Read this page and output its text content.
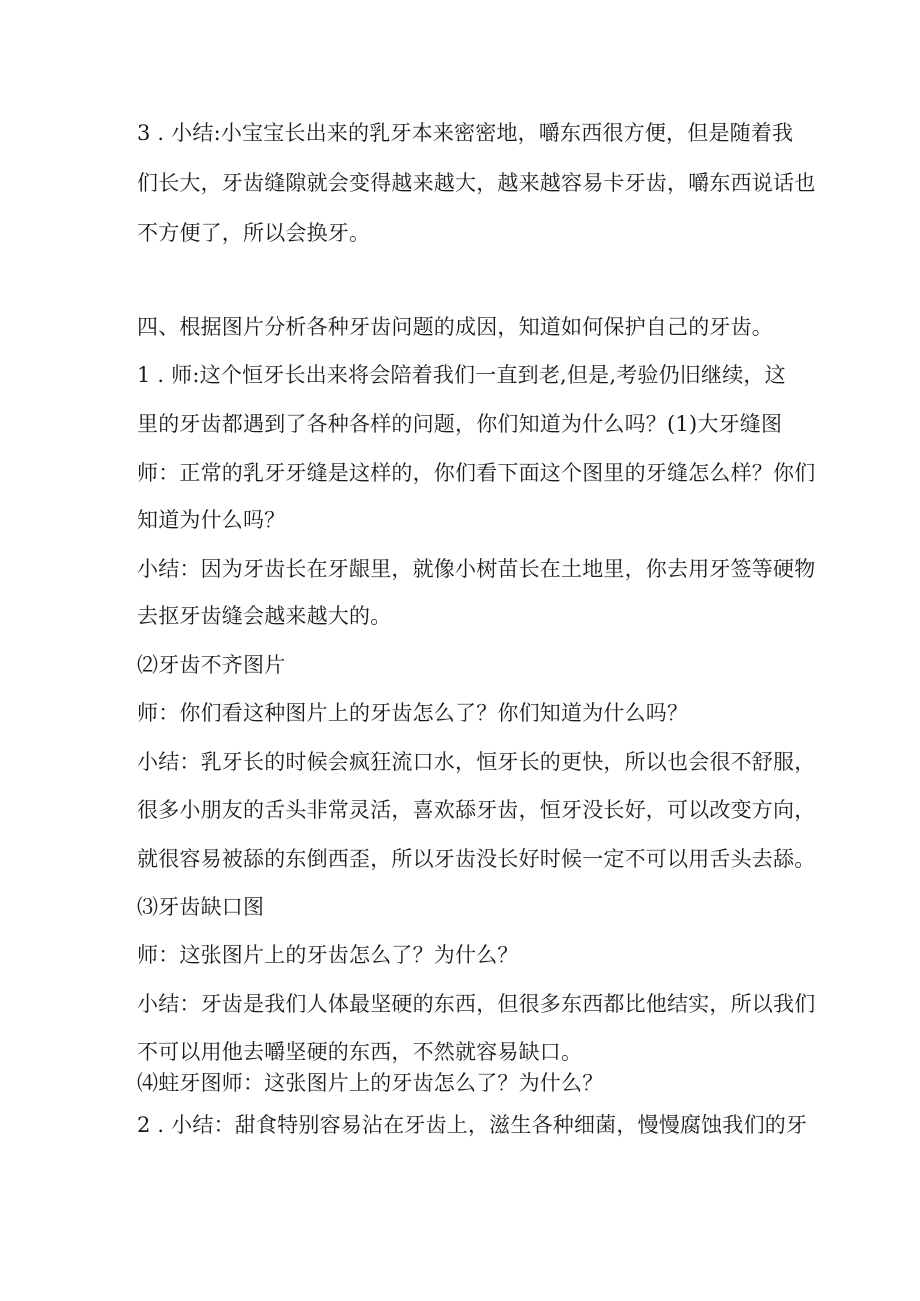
3 . 小结:小宝宝长出来的乳牙本来密密地，嚼东西很方便，但是随着我
们长大，牙齿缝隙就会变得越来越大，越来越容易卡牙齿，嚼东西说话也
不方便了，所以会换牙。
四、根据图片分析各种牙齿问题的成因，知道如何保护自己的牙齿。
1 . 师:这个恒牙长出来将会陪着我们一直到老,但是,考验仍旧继续，这
里的牙齿都遇到了各种各样的问题，你们知道为什么吗？(1)大牙缝图
师：正常的乳牙牙缝是这样的，你们看下面这个图里的牙缝怎么样？你们
知道为什么吗？
小结：因为牙齿长在牙龈里，就像小树苗长在土地里，你去用牙签等硬物
去抠牙齿缝会越来越大的。
⑵牙齿不齐图片
师：你们看这种图片上的牙齿怎么了？你们知道为什么吗？
小结：乳牙长的时候会疯狂流口水，恒牙长的更快，所以也会很不舒服，
很多小朋友的舌头非常灵活，喜欢舔牙齿，恒牙没长好，可以改变方向，
就很容易被舔的东倒西歪，所以牙齿没长好时候一定不可以用舌头去舔。
⑶牙齿缺口图
师：这张图片上的牙齿怎么了？为什么？
小结：牙齿是我们人体最坚硬的东西，但很多东西都比他结实，所以我们
不可以用他去嚼坚硬的东西，不然就容易缺口。
⑷蛀牙图师：这张图片上的牙齿怎么了？为什么？
2 . 小结：甜食特别容易沾在牙齿上，滋生各种细菌，慢慢腐蚀我们的牙
